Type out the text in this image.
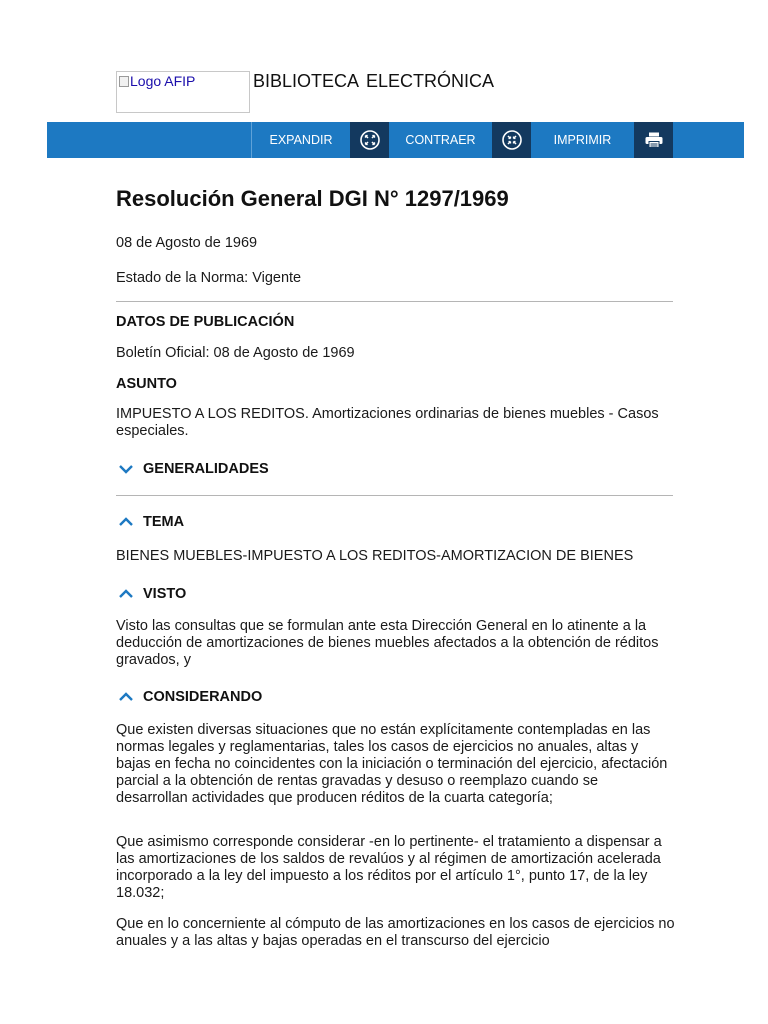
Logo AFIP	BIBLIOTECA ELECTRÓNICA
EXPANDIR	CONTRAER	IMPRIMIR
Resolución General DGI N° 1297/1969
08 de Agosto de 1969
Estado de la Norma: Vigente
DATOS DE PUBLICACIÓN
Boletín Oficial: 08 de Agosto de 1969
ASUNTO
IMPUESTO A LOS REDITOS. Amortizaciones ordinarias de bienes muebles - Casos especiales.
GENERALIDADES
TEMA
BIENES MUEBLES-IMPUESTO A LOS REDITOS-AMORTIZACION DE BIENES
VISTO
Visto las consultas que se formulan ante esta Dirección General en lo atinente a la deducción de amortizaciones de bienes muebles afectados a la obtención de réditos gravados, y
CONSIDERANDO
Que existen diversas situaciones que no están explícitamente contempladas en las normas legales y reglamentarias, tales los casos de ejercicios no anuales, altas y bajas en fecha no coincidentes con la iniciación o terminación del ejercicio, afectación parcial a la obtención de rentas gravadas y desuso o reemplazo cuando se desarrollan actividades que producen réditos de la cuarta categoría;
Que asimismo corresponde considerar -en lo pertinente- el tratamiento a dispensar a las amortizaciones de los saldos de revalúos y al régimen de amortización acelerada incorporado a la ley del impuesto a los réditos por el artículo 1°, punto 17, de la ley 18.032;
Que en lo concerniente al cómputo de las amortizaciones en los casos de ejercicios no anuales y a las altas y bajas operadas en el transcurso del ejercicio
